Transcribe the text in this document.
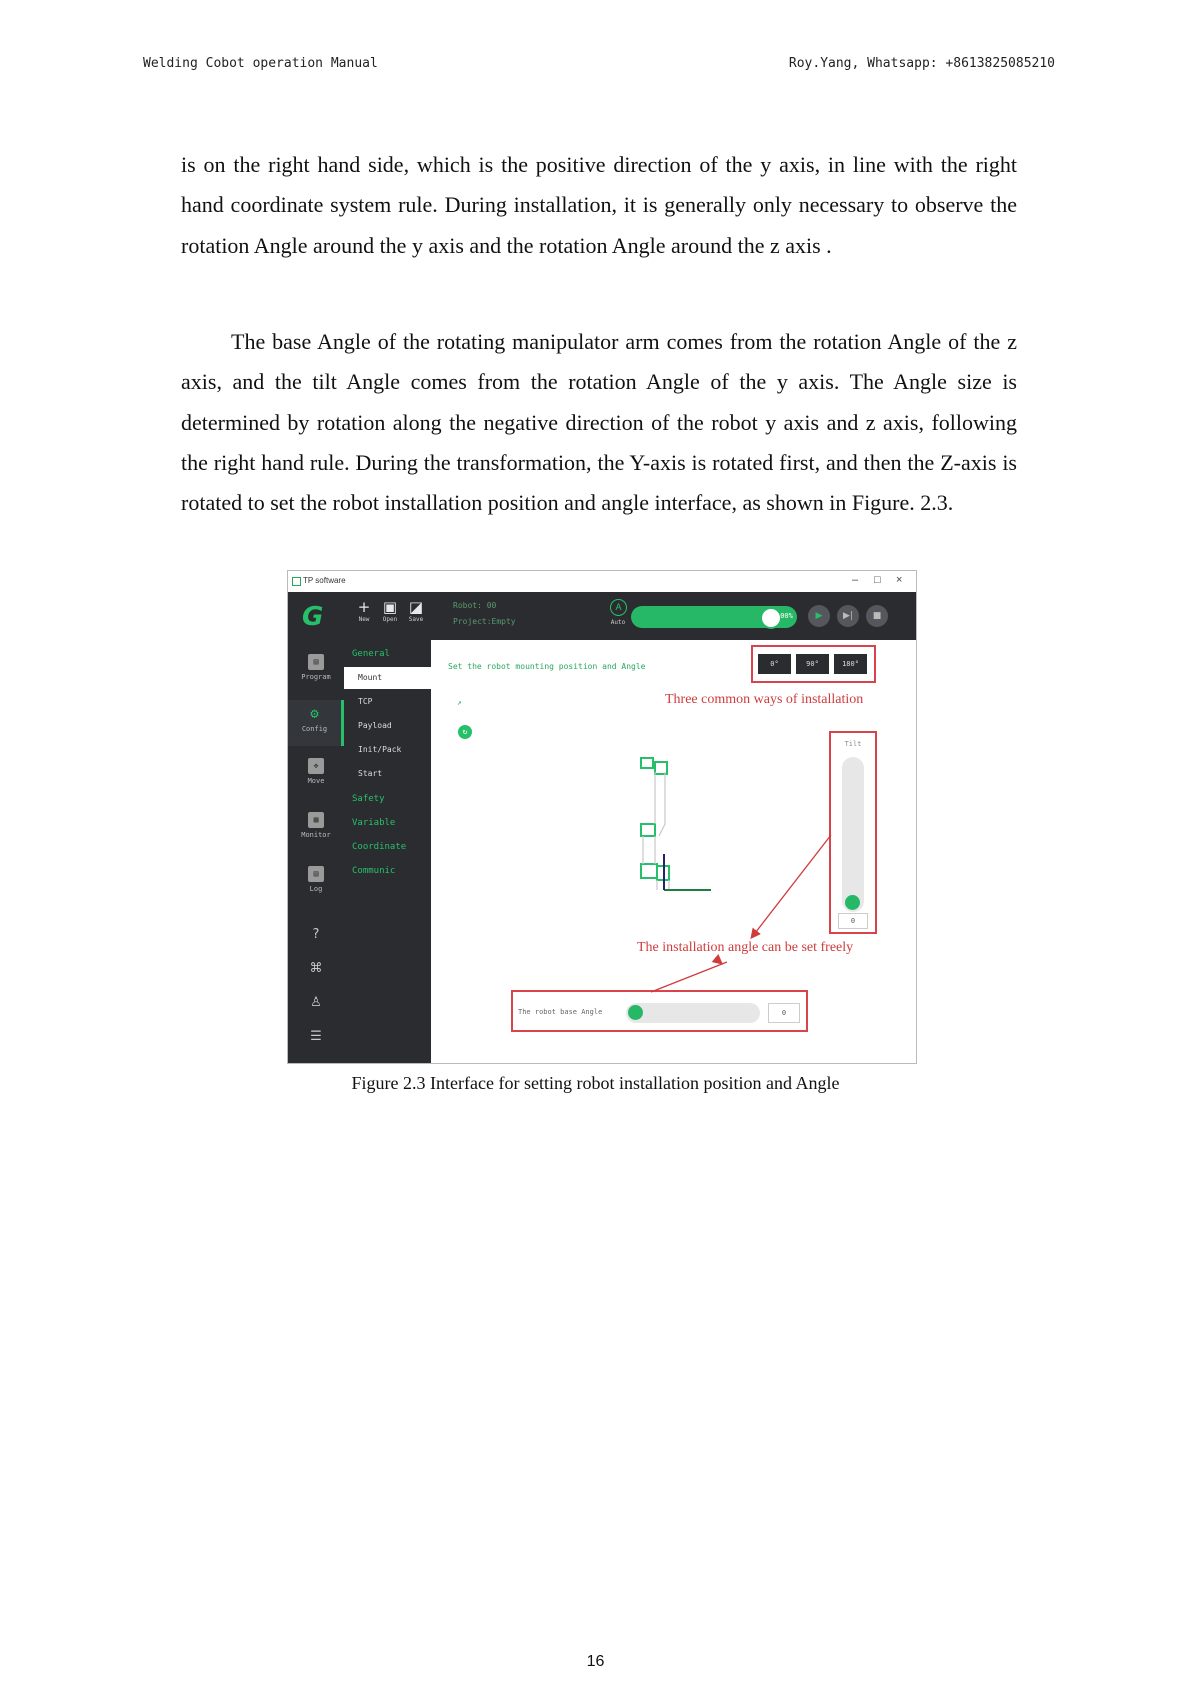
Welding Cobot operation Manual	Roy.Yang, Whatsapp: +8613825085210
is on the right hand side, which is the positive direction of the y axis, in line with the right hand coordinate system rule. During installation, it is generally only necessary to observe the rotation Angle around the y axis and the rotation Angle around the z axis .
The base Angle of the rotating manipulator arm comes from the rotation Angle of the z axis, and the tilt Angle comes from the rotation Angle of the y axis. The Angle size is determined by rotation along the negative direction of the robot y axis and z axis, following the right hand rule. During the transformation, the Y-axis is rotated first, and then the Z-axis is rotated to set the robot installation position and angle interface, as shown in Figure. 2.3.
TP software	– □ ×
G	+
New
▣
Open
◪
Save
Robot: 00
Project:Empty
A
Auto
100%	▶	▶|	■
▤
Program
⚙
Config
✥
Move
▦
Monitor
▤
Log
?
⌘
♙
☰
General
Mount
TCP
Payload
Init/Pack
Start
Safety
Variable
Coordinate
Communic
Set the robot mounting position and Angle
↗
↻
0°	90°	180°
Three common ways of installation
Tilt
0
The installation angle can be set freely
The robot base Angle	0
Figure 2.3 Interface for setting robot installation position and Angle
16
